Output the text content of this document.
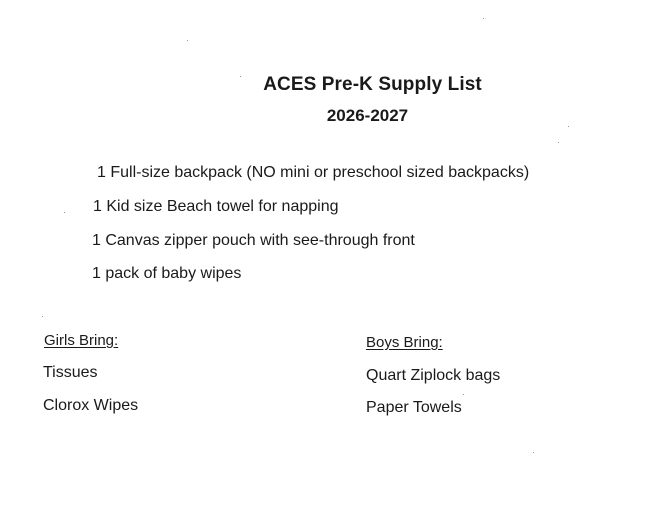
ACES Pre-K Supply List
2026-2027

1 Full-size backpack (NO mini or preschool sized backpacks)

1 Kid size Beach towel for napping

1 Canvas zipper pouch with see-through front

1 pack of baby wipes

Girls Bring:

Tissues

Clorox Wipes

Boys Bring:

Quart Ziplock bags

Paper Towels
